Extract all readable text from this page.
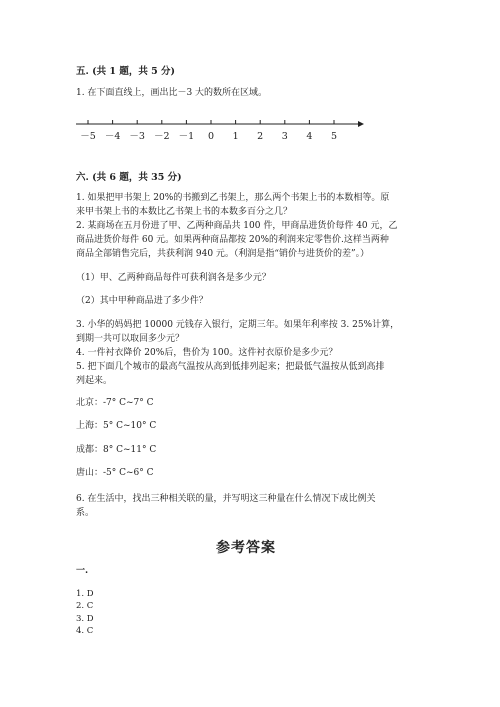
五. (共 1 题，共 5 分)
1. 在下面直线上，画出比－3 大的数所在区域。
－5 －4 －3 －2 －1 0 1 2 3 4 5
六. (共 6 题，共 35 分)
1. 如果把甲书架上 20%的书搬到乙书架上，那么两个书架上书的本数相等。原
来甲书架上书的本数比乙书架上书的本数多百分之几？
2. 某商场在五月份进了甲、乙两种商品共 100 件，甲商品进货价每件 40 元，乙
商品进货价每件 60 元。如果两种商品都按 20%的利润来定零售价.这样当两种
商品全部销售完后，共获利润 940 元。（利润是指“销价与进货价的差”。）
（1）甲、乙两种商品每件可获利润各是多少元？
（2）其中甲种商品进了多少件？
3. 小华的妈妈把 10000 元钱存入银行，定期三年。如果年利率按 3. 25%计算，
到期一共可以取回多少元？
4. 一件衬衣降价 20%后，售价为 100。这件衬衣原价是多少元？
5. 把下面几个城市的最高气温按从高到低排列起来；把最低气温按从低到高排
列起来。
北京：-7° C~7° C
上海：5° C~10° C
成都：8° C~11° C
唐山：-5° C~6° C
6. 在生活中，找出三种相关联的量，并写明这三种量在什么情况下成比例关
系。
参考答案
一.
1. D
2. C
3. D
4. C
